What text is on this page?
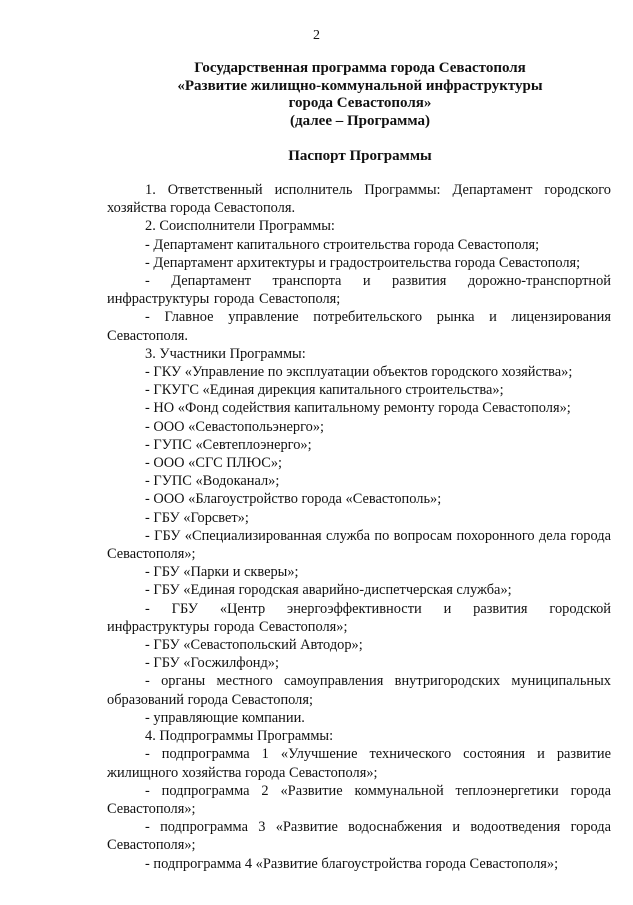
2
Государственная программа города Севастополя
«Развитие жилищно-коммунальной инфраструктуры
города Севастополя»
(далее – Программа)
Паспорт Программы

1. Ответственный исполнитель Программы: Департамент городского хозяйства города Севастополя.

2. Соисполнители Программы:

- Департамент капитального строительства города Севастополя;

- Департамент архитектуры и градостроительства города Севастополя;

- Департамент транспорта и развития дорожно-транспортной инфраструктуры города Севастополя;

- Главное управление потребительского рынка и лицензирования Севастополя.

3. Участники Программы:

- ГКУ «Управление по эксплуатации объектов городского хозяйства»;

- ГКУГС «Единая дирекция капитального строительства»;

- НО «Фонд содействия капитальному ремонту города Севастополя»;

- ООО «Севастопольэнерго»;

- ГУПС «Севтеплоэнерго»;

- ООО «СГС ПЛЮС»;

- ГУПС «Водоканал»;

- ООО «Благоустройство города «Севастополь»;

- ГБУ «Горсвет»;

- ГБУ «Специализированная служба по вопросам похоронного дела города Севастополя»;

- ГБУ «Парки и скверы»;

- ГБУ «Единая городская аварийно-диспетчерская служба»;

- ГБУ «Центр энергоэффективности и развития городской инфраструктуры города Севастополя»;

- ГБУ «Севастопольский Автодор»;

- ГБУ «Госжилфонд»;

- органы местного самоуправления внутригородских муниципальных образований города Севастополя;

- управляющие компании.

4. Подпрограммы Программы:

- подпрограмма 1 «Улучшение технического состояния и развитие жилищного хозяйства города Севастополя»;

- подпрограмма 2 «Развитие коммунальной теплоэнергетики города Севастополя»;

- подпрограмма 3 «Развитие водоснабжения и водоотведения города Севастополя»;

- подпрограмма 4 «Развитие благоустройства города Севастополя»;
